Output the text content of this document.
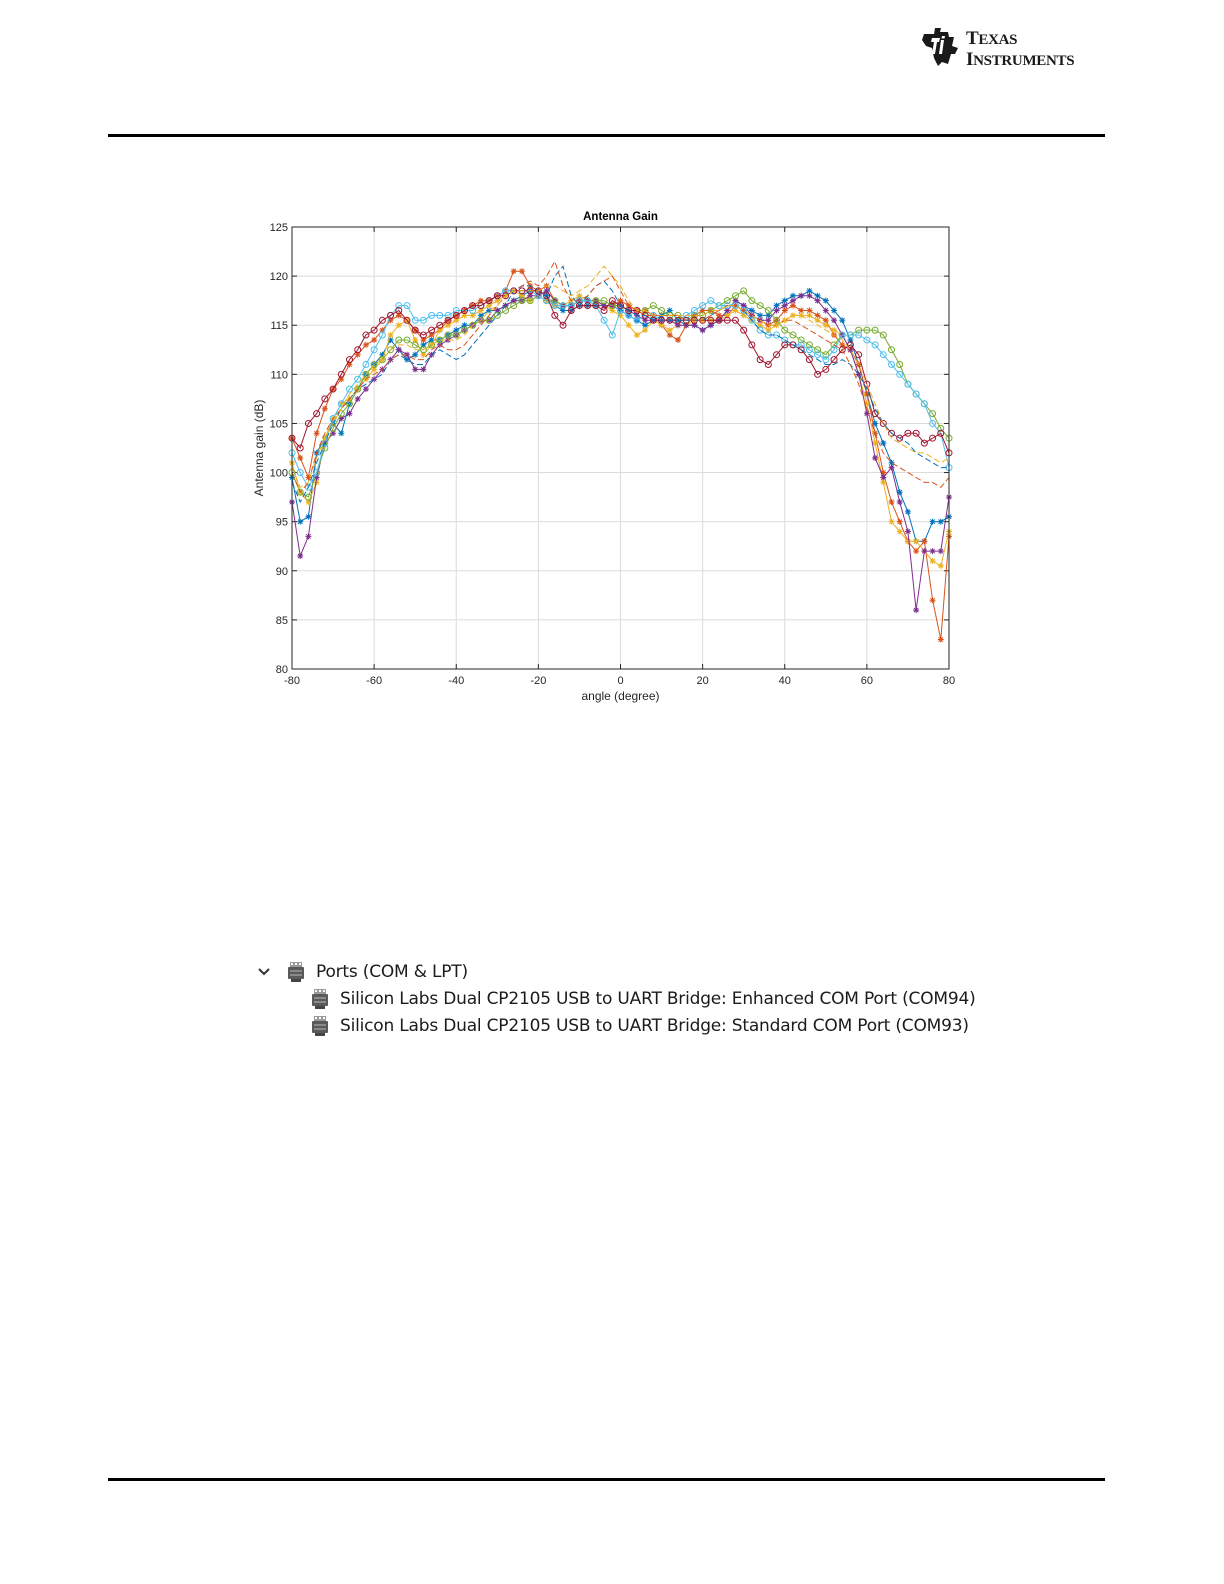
TEXAS
INSTRUMENTS
-80	-60	-40	-20	0	20	40	60	80
80
85
90
95
100
105
110
115
120
125
Antenna Gain
angle (degree)
Antenna gain (dB)
Ports (COM & LPT)
Silicon Labs Dual CP2105 USB to UART Bridge: Enhanced COM Port (COM94)
Silicon Labs Dual CP2105 USB to UART Bridge: Standard COM Port (COM93)
